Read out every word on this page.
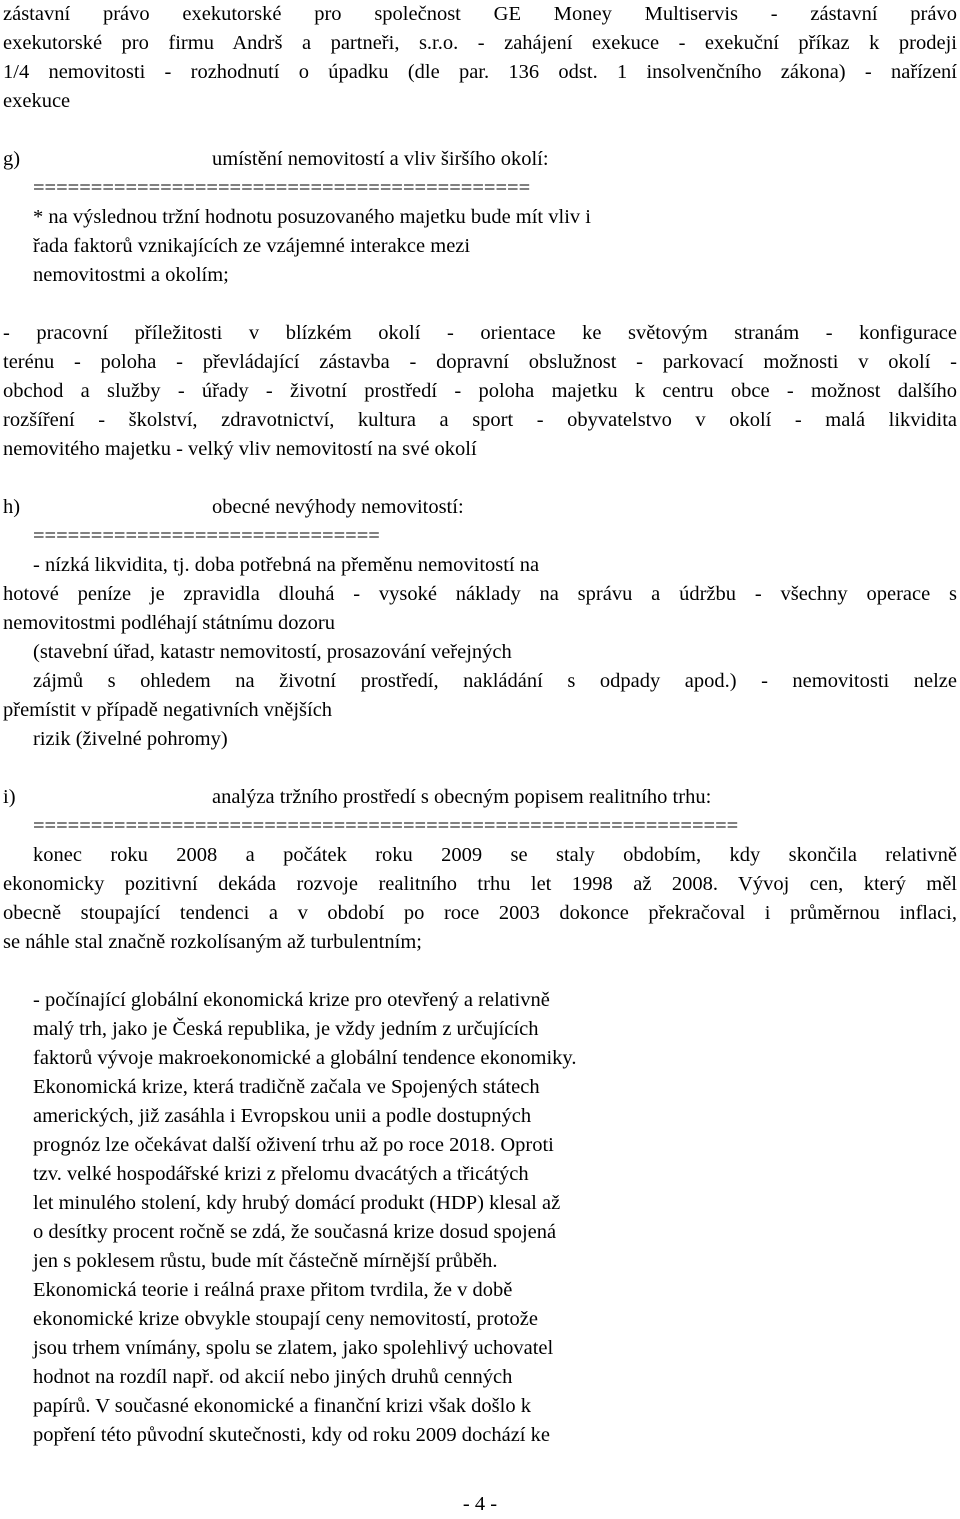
zástavní právo exekutorské pro společnost GE Money Multiservis - zástavní právo
exekutorské pro firmu Andrš a partneři, s.r.o. - zahájení exekuce - exekuční příkaz k prodeji
1/4 nemovitosti - rozhodnutí o úpadku (dle par. 136 odst. 1 insolvenčního zákona) - nařízení
exekuce
g)	umístění nemovitostí a vliv širšího okolí:
===========================================
* na výslednou tržní hodnotu posuzovaného majetku bude mít vliv i
řada faktorů vznikajících ze vzájemné interakce mezi
nemovitostmi a okolím;
- pracovní příležitosti v blízkém okolí - orientace ke světovým stranám - konfigurace
terénu - poloha - převládající zástavba - dopravní obslužnost - parkovací možnosti v okolí -
obchod a služby - úřady - životní prostředí - poloha majetku k centru obce - možnost dalšího
rozšíření - školství, zdravotnictví, kultura a sport - obyvatelstvo v okolí - malá likvidita
nemovitého majetku - velký vliv nemovitostí na své okolí
h)	obecné nevýhody nemovitostí:
==============================
- nízká likvidita, tj. doba potřebná na přeměnu nemovitostí na
hotové peníze je zpravidla dlouhá - vysoké náklady na správu a údržbu - všechny operace s
nemovitostmi podléhají státnímu dozoru
(stavební úřad, katastr nemovitostí, prosazování veřejných
zájmů s ohledem na životní prostředí, nakládání s odpady apod.) - nemovitosti nelze
přemístit v případě negativních vnějších
rizik (živelné pohromy)
i)	analýza tržního prostředí s obecným popisem realitního trhu:
=============================================================
konec roku 2008 a počátek roku 2009 se staly obdobím, kdy skončila relativně
ekonomicky pozitivní dekáda rozvoje realitního trhu let 1998 až 2008. Vývoj cen, který měl
obecně stoupající tendenci a v období po roce 2003 dokonce překračoval i průměrnou inflaci,
se náhle stal značně rozkolísaným až turbulentním;
- počínající globální ekonomická krize pro otevřený a relativně
malý trh, jako je Česká republika, je vždy jedním z určujících
faktorů vývoje makroekonomické a globální tendence ekonomiky.
Ekonomická krize, která tradičně začala ve Spojených státech
amerických, již zasáhla i Evropskou unii a podle dostupných
prognóz lze očekávat další oživení trhu až po roce 2018. Oproti
tzv. velké hospodářské krizi z přelomu dvacátých a třicátých
let minulého stolení, kdy hrubý domácí produkt (HDP) klesal až
o desítky procent ročně se zdá, že současná krize dosud spojená
jen s poklesem růstu, bude mít částečně mírnější průběh.
Ekonomická teorie i reálná praxe přitom tvrdila, že v době
ekonomické krize obvykle stoupají ceny nemovitostí, protože
jsou trhem vnímány, spolu se zlatem, jako spolehlivý uchovatel
hodnot na rozdíl např. od akcií nebo jiných druhů cenných
papírů. V současné ekonomické a finanční krizi však došlo k
popření této původní skutečnosti, kdy od roku 2009 dochází ke
- 4 -
